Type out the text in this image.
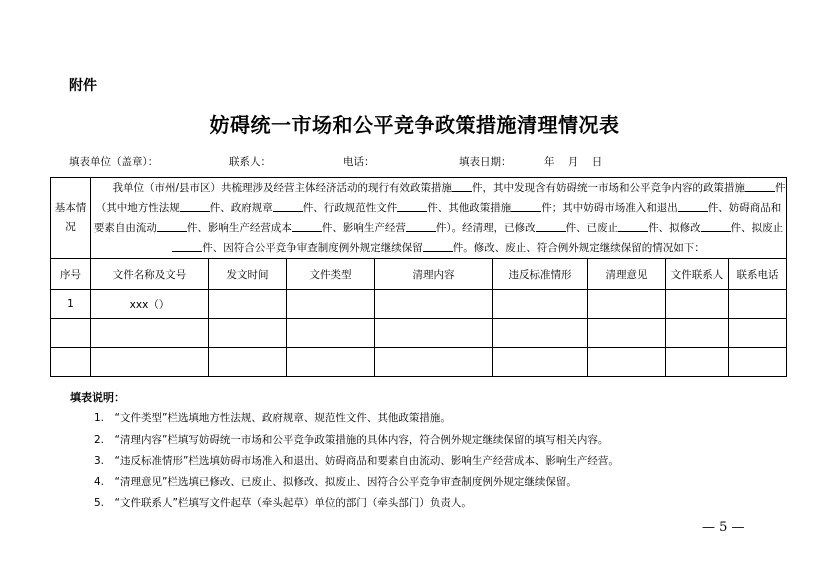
附件
妨碍统一市场和公平竞争政策措施清理情况表
填表单位（盖章）：	联系人：	电话：	填表日期：	年    月    日
基本情况	我单位（市州/县市区）共梳理涉及经营主体经济活动的现行有效政策措施 件，其中发现含有妨碍统一市场和公平竞争内容的政策措施 件（其中地方性法规 件、政府规章 件、行政规范性文件 件、其他政策措施 件；其中妨碍市场准入和退出 件、妨碍商品和要素自由流动 件、影响生产经营成本 件、影响生产经营 件）。经清理，已修改 件、已废止 件、拟修改 件、拟废止件、因符合公平竞争审查制度例外规定继续保留 件。修改、废止、符合例外规定继续保留的情况如下：							
序号	文件名称及文号	发文时间	文件类型	清理内容	违反标准情形	清理意见	文件联系人	联系电话
1	xxx（）							

填表说明：
1.　“文件类型”栏选填地方性法规、政府规章、规范性文件、其他政策措施。
2.　“清理内容”栏填写妨碍统一市场和公平竞争政策措施的具体内容，符合例外规定继续保留的填写相关内容。
3.　“违反标准情形”栏选填妨碍市场准入和退出、妨碍商品和要素自由流动、影响生产经营成本、影响生产经营。
4.　“清理意见”栏选填已修改、已废止、拟修改、拟废止、因符合公平竞争审查制度例外规定继续保留。
5.　“文件联系人”栏填写文件起草（牵头起草）单位的部门（牵头部门）负责人。
— 5 —
